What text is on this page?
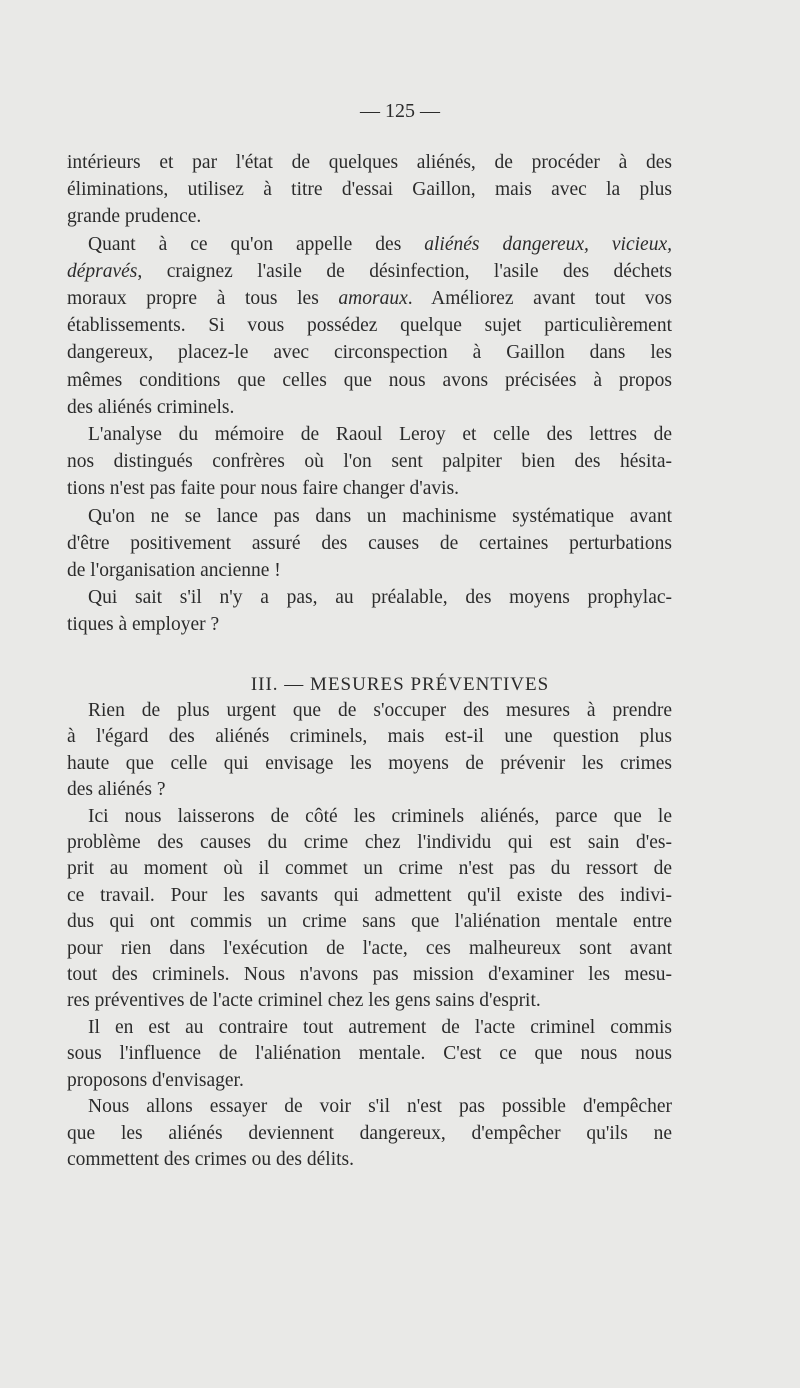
— 125 —
intérieurs et par l'état de quelques aliénés, de procéder à des
éliminations, utilisez à titre d'essai Gaillon, mais avec la plus
grande prudence.
Quant à ce qu'on appelle des aliénés dangereux, vicieux,
dépravés, craignez l'asile de désinfection, l'asile des déchets
moraux propre à tous les amoraux. Améliorez avant tout vos
établissements. Si vous possédez quelque sujet particulièrement
dangereux, placez-le avec circonspection à Gaillon dans les
mêmes conditions que celles que nous avons précisées à propos
des aliénés criminels.
L'analyse du mémoire de Raoul Leroy et celle des lettres de
nos distingués confrères où l'on sent palpiter bien des hésita-
tions n'est pas faite pour nous faire changer d'avis.
Qu'on ne se lance pas dans un machinisme systématique avant
d'être positivement assuré des causes de certaines perturbations
de l'organisation ancienne !
Qui sait s'il n'y a pas, au préalable, des moyens prophylac-
tiques à employer ?
III. — MESURES PRÉVENTIVES
Rien de plus urgent que de s'occuper des mesures à prendre
à l'égard des aliénés criminels, mais est-il une question plus
haute que celle qui envisage les moyens de prévenir les crimes
des aliénés ?
Ici nous laisserons de côté les criminels aliénés, parce que le
problème des causes du crime chez l'individu qui est sain d'es-
prit au moment où il commet un crime n'est pas du ressort de
ce travail. Pour les savants qui admettent qu'il existe des indivi-
dus qui ont commis un crime sans que l'aliénation mentale entre
pour rien dans l'exécution de l'acte, ces malheureux sont avant
tout des criminels. Nous n'avons pas mission d'examiner les mesu-
res préventives de l'acte criminel chez les gens sains d'esprit.
Il en est au contraire tout autrement de l'acte criminel commis
sous l'influence de l'aliénation mentale. C'est ce que nous nous
proposons d'envisager.
Nous allons essayer de voir s'il n'est pas possible d'empêcher
que les aliénés deviennent dangereux, d'empêcher qu'ils ne
commettent des crimes ou des délits.
